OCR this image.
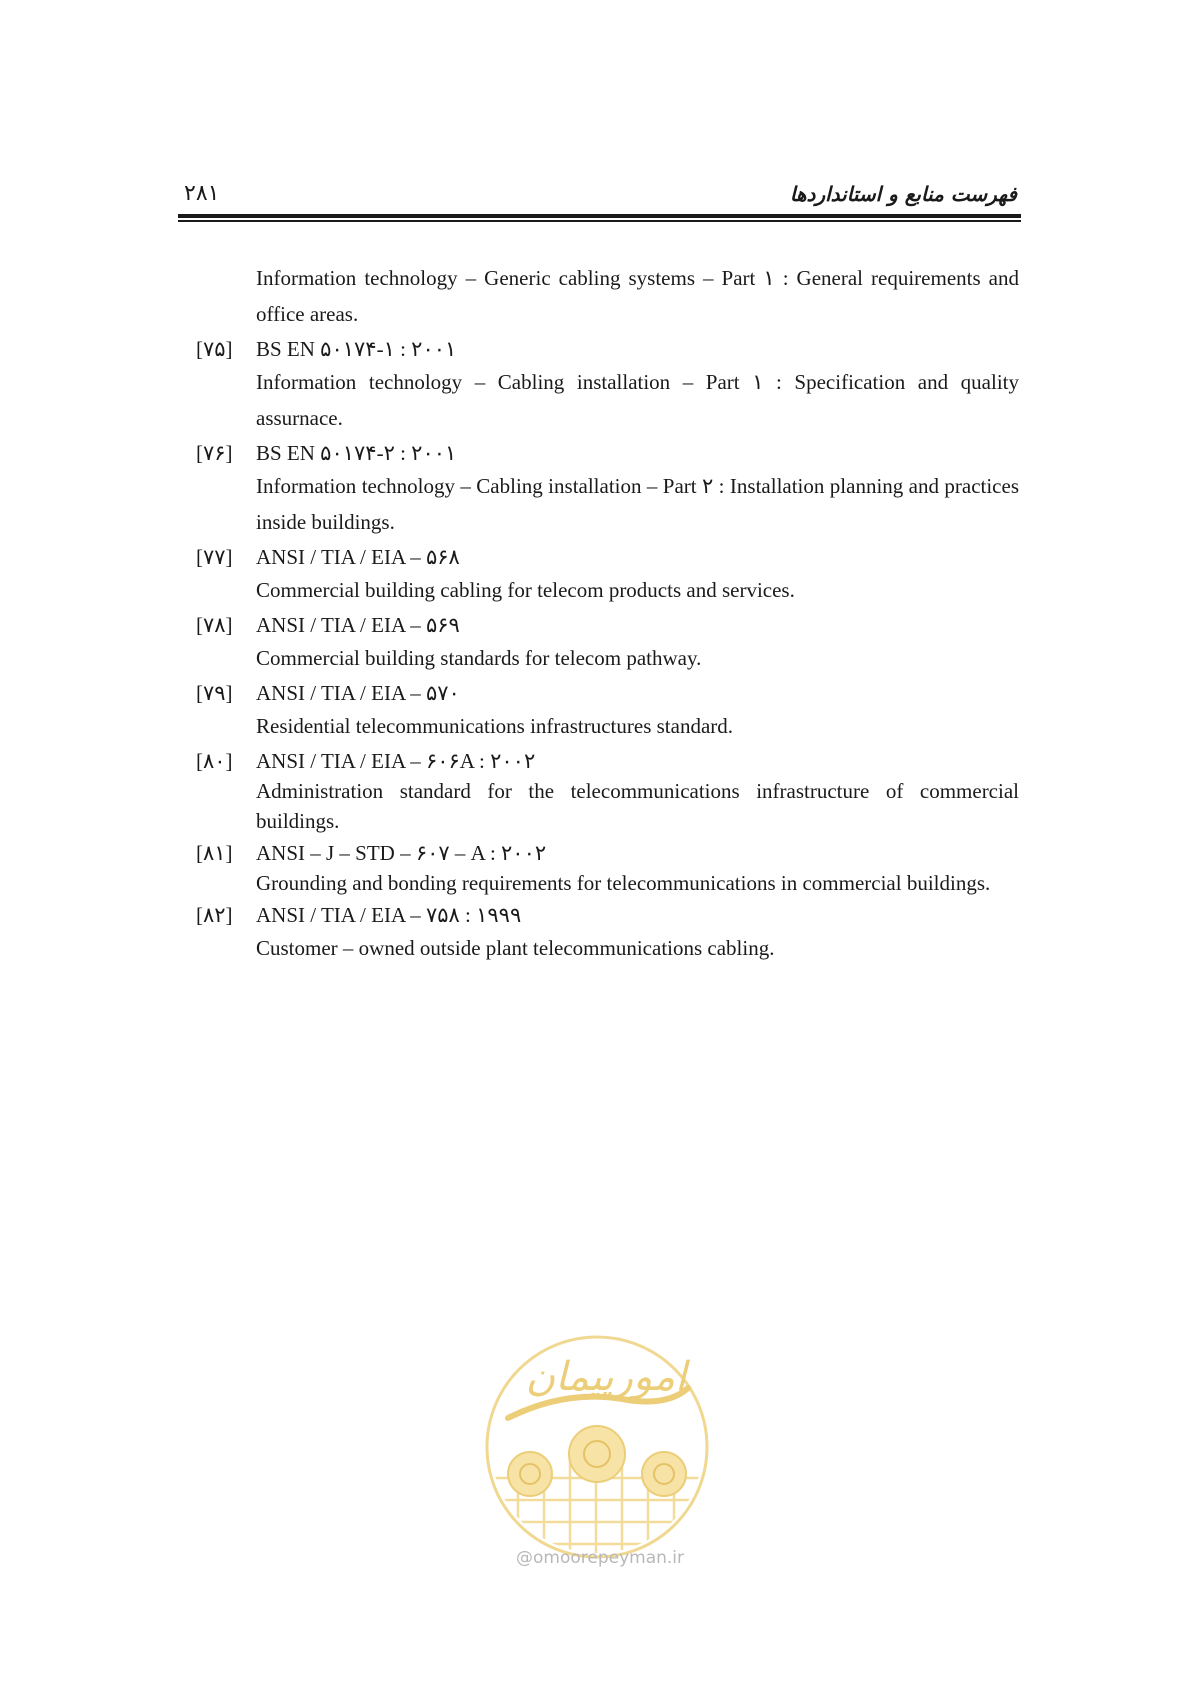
۲۸۱	فهرست منابع و استانداردها
Information technology – Generic cabling systems – Part ۱ : General requirements and office areas.
[۷۵]	BS EN ۵۰۱۷۴-۱ : ۲۰۰۱
Information technology – Cabling installation – Part ۱ : Specification and quality assurnace.
[۷۶]	BS EN ۵۰۱۷۴-۲ : ۲۰۰۱
Information technology – Cabling installation – Part ۲ : Installation planning and practices inside buildings.
[۷۷]	ANSI / TIA / EIA – ۵۶۸
Commercial building cabling for telecom products and services.
[۷۸]	ANSI / TIA / EIA – ۵۶۹
Commercial building standards for telecom pathway.
[۷۹]	ANSI / TIA / EIA – ۵۷۰
Residential telecommunications infrastructures standard.
[۸۰]	ANSI / TIA / EIA – ۶۰۶A : ۲۰۰۲
Administration standard for the telecommunications infrastructure of commercial buildings.
[۸۱]	ANSI – J – STD – ۶۰۷ – A : ۲۰۰۲
Grounding and bonding requirements for telecommunications in commercial buildings.
[۸۲]	ANSI / TIA / EIA – ۷۵۸ : ۱۹۹۹
Customer – owned outside plant telecommunications cabling.
امورپیمان
@omoorepeyman.ir
